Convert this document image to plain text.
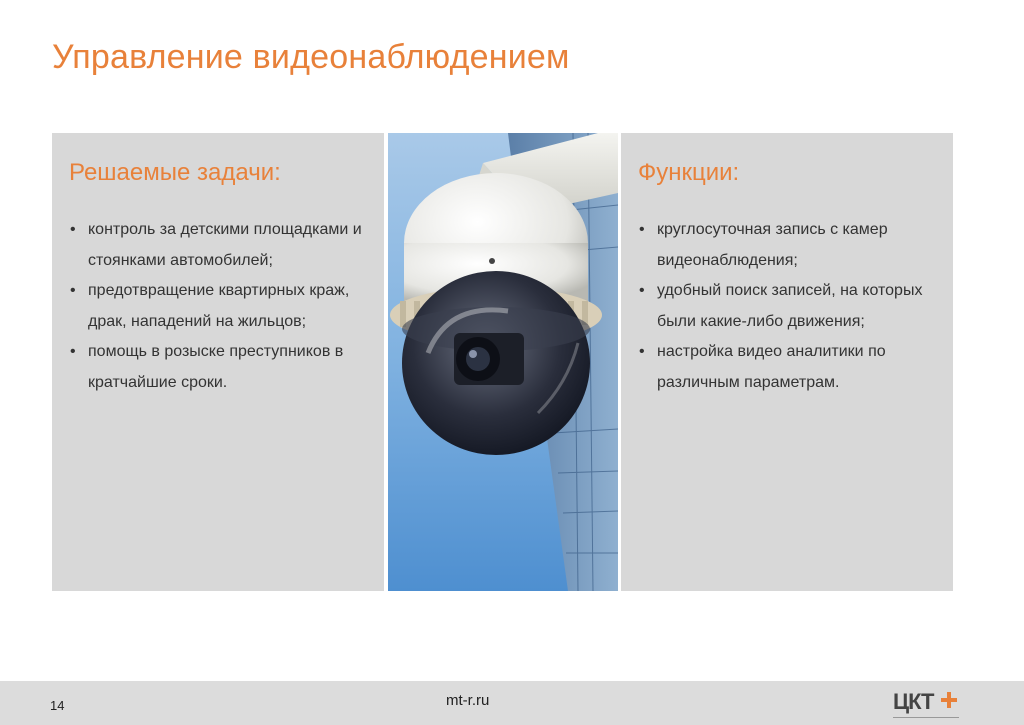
Управление видеонаблюдением
Решаемые задачи:
• контроль за детскими площадками и стоянками автомобилей;
• предотвращение квартирных краж, драк, нападений на жильцов;
• помощь в розыске преступников в кратчайшие сроки.
Функции:
• круглосуточная запись с камер видеонаблюдения;
• удобный поиск записей, на которых были какие-либо движения;
• настройка видео аналитики по различным параметрам.
14	mt-r.ru	ЦКТ
